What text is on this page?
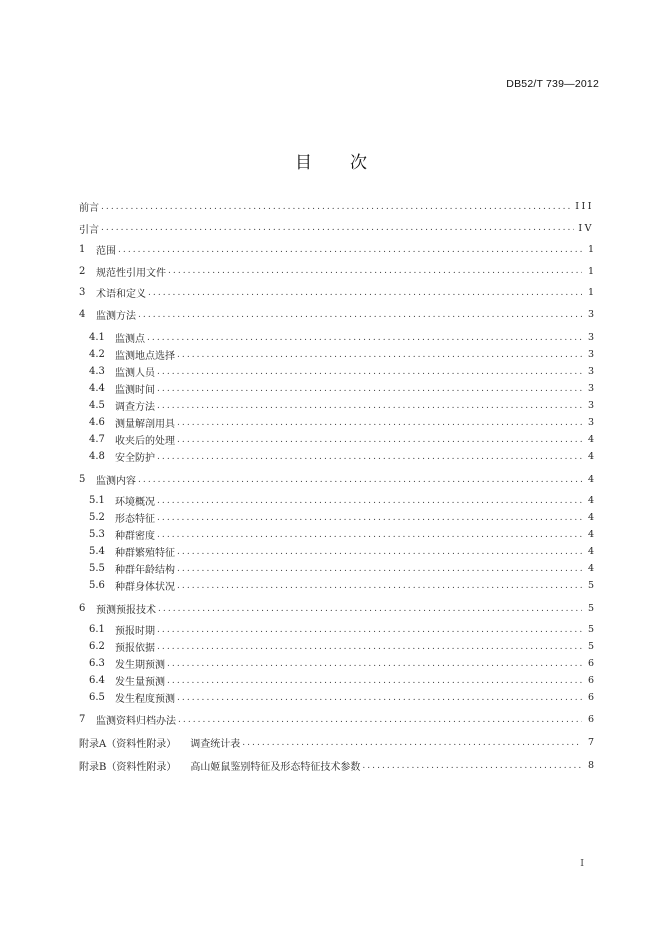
DB52/T 739—2012
目 次
前言 .....	III
引言 .....	IV
1	范围 .....	1
2	规范性引用文件 .....	1
3	术语和定义 .....	1
4	监测方法 .....	3
4.1	监测点 .....	3
4.2	监测地点选择 .....	3
4.3	监测人员 .....	3
4.4	监测时间 .....	3
4.5	调查方法 .....	3
4.6	测量解剖用具 .....	3
4.7	收夹后的处理 .....	4
4.8	安全防护 .....	4
5	监测内容 .....	4
5.1	环境概况 .....	4
5.2	形态特征 .....	4
5.3	种群密度 .....	4
5.4	种群繁殖特征 .....	4
5.5	种群年龄结构 .....	4
5.6	种群身体状况 .....	5
6	预测预报技术 .....	5
6.1	预报时期 .....	5
6.2	预报依据 .....	5
6.3	发生期预测 .....	6
6.4	发生量预测 .....	6
6.5	发生程度预测 .....	6
7	监测资料归档办法 .....	6
附录A（资料性附录） 调查统计表 .....	7
附录B（资料性附录） 高山姬鼠鉴别特征及形态特征技术参数 .....	8
I
